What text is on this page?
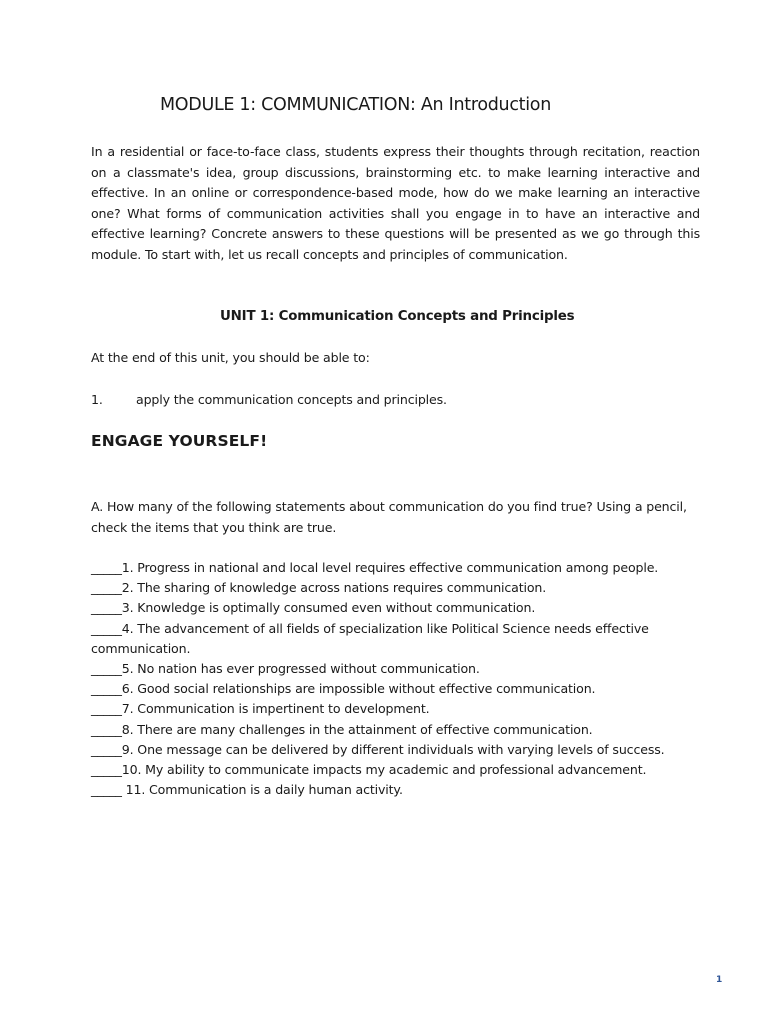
MODULE 1: COMMUNICATION: An Introduction

In a residential or face-to-face class, students express their thoughts through recitation, reaction on a classmate's idea, group discussions, brainstorming etc. to make learning interactive and effective. In an online or correspondence-based mode, how do we make learning an interactive one? What forms of communication activities shall you engage in to have an interactive and effective learning? Concrete answers to these questions will be presented as we go through this module. To start with, let us recall concepts and principles of communication.

UNIT 1: Communication Concepts and Principles

At the end of this unit, you should be able to:

1.	apply the communication concepts and principles.

ENGAGE YOURSELF!

A. How many of the following statements about communication do you find true? Using a pencil, check the items that you think are true.

_____1. Progress in national and local level requires effective communication among people.
_____2. The sharing of knowledge across nations requires communication.
_____3. Knowledge is optimally consumed even without communication.
_____4. The advancement of all fields of specialization like Political Science needs effective communication.
_____5. No nation has ever progressed without communication.
_____6. Good social relationships are impossible without effective communication.
_____7. Communication is impertinent to development.
_____8. There are many challenges in the attainment of effective communication.
_____9. One message can be delivered by different individuals with varying levels of success.
_____10. My ability to communicate impacts my academic and professional advancement.
_____ 11. Communication is a daily human activity.
1
